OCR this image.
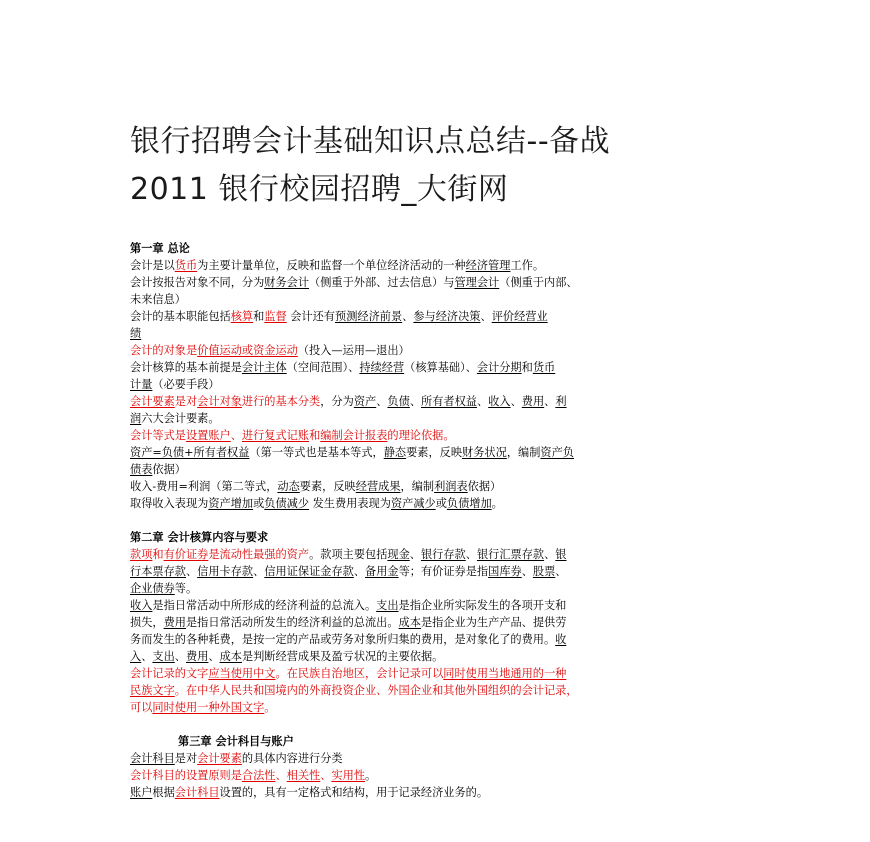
银行招聘会计基础知识点总结--备战
2011 银行校园招聘_大街网
第一章 总论
会计是以货币为主要计量单位，反映和监督一个单位经济活动的一种经济管理工作。
会计按报告对象不同，分为财务会计（侧重于外部、过去信息）与管理会计（侧重于内部、
未来信息）
会计的基本职能包括核算和监督 会计还有预测经济前景、参与经济决策、评价经营业
绩
会计的对象是价值运动或资金运动（投入—运用—退出）
会计核算的基本前提是会计主体（空间范围）、持续经营（核算基础）、会计分期和货币
计量（必要手段）
会计要素是对会计对象进行的基本分类，分为资产、负债、所有者权益、收入、费用、利
润六大会计要素。
会计等式是设置账户、进行复式记账和编制会计报表的理论依据。
资产=负债+所有者权益（第一等式也是基本等式，静态要素，反映财务状况，编制资产负
债表依据）
收入-费用=利润（第二等式，动态要素，反映经营成果，编制利润表依据）
取得收入表现为资产增加或负债减少 发生费用表现为资产减少或负债增加。
第二章 会计核算内容与要求
款项和有价证券是流动性最强的资产。款项主要包括现金、银行存款、银行汇票存款、银
行本票存款、信用卡存款、信用证保证金存款、备用金等；有价证券是指国库券、股票、
企业债券等。
收入是指日常活动中所形成的经济利益的总流入。支出是指企业所实际发生的各项开支和
损失，费用是指日常活动所发生的经济利益的总流出。成本是指企业为生产产品、提供劳
务而发生的各种耗费，是按一定的产品或劳务对象所归集的费用，是对象化了的费用。收
入、支出、费用、成本是判断经营成果及盈亏状况的主要依据。
会计记录的文字应当使用中文。在民族自治地区，会计记录可以同时使用当地通用的一种
民族文字。在中华人民共和国境内的外商投资企业、外国企业和其他外国组织的会计记录，
可以同时使用一种外国文字。
第三章 会计科目与账户
会计科目是对会计要素的具体内容进行分类
会计科目的设置原则是合法性、相关性、实用性。
账户根据会计科目设置的，具有一定格式和结构，用于记录经济业务的。
